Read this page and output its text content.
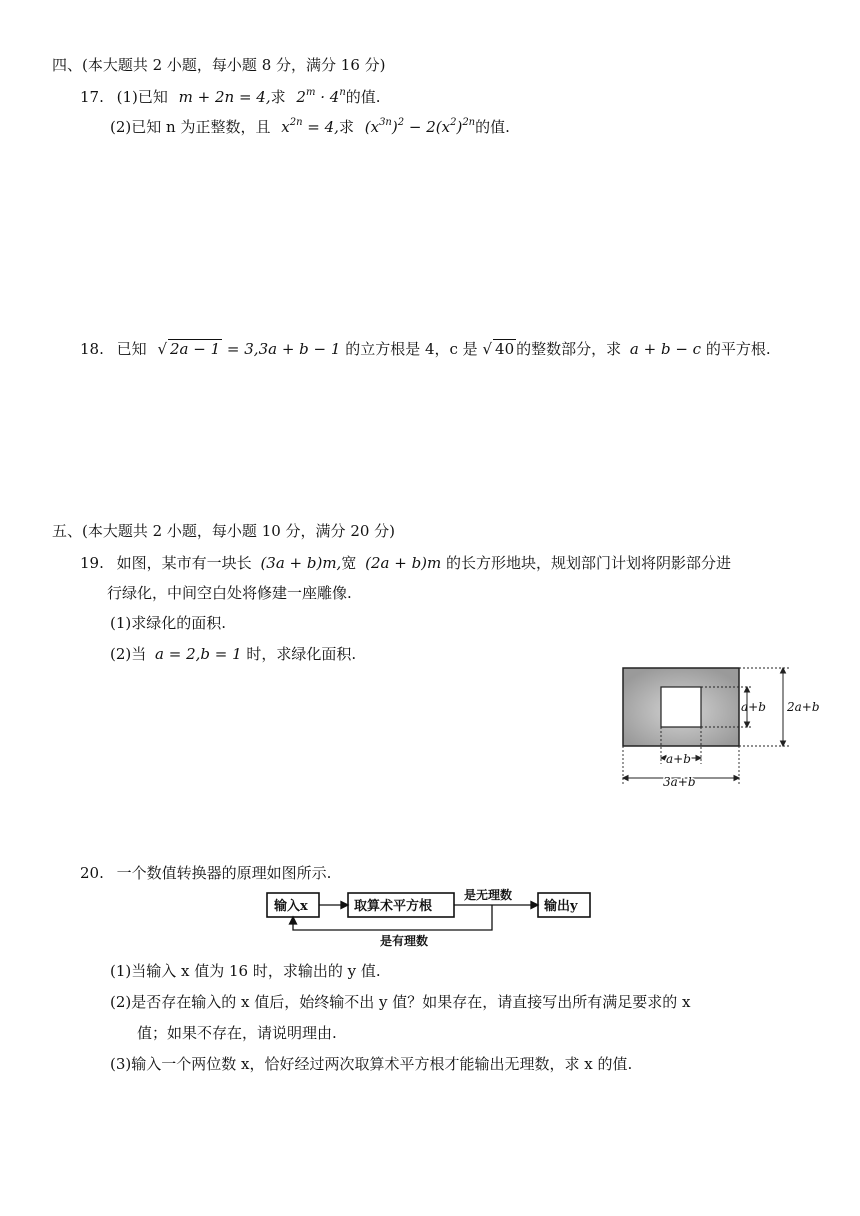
四、(本大题共 2 小题，每小题 8 分，满分 16 分)
17. (1)已知 m + 2n = 4,求 $2^m \cdot 4^n$的值.
(2)已知 n 为正整数，且 $x^{2n} = 4$,求 $(x^{3n})^2 - 2(x^2)^{2n}$的值.
18. 已知 √ 2a − 1 = 3,3a + b − 1 的立方根是 4，c 是 √ 40 的整数部分，求 a + b − c 的平方根.
五、(本大题共 2 小题，每小题 10 分，满分 20 分)
19. 如图，某市有一块长 (3a + b)m,宽 (2a + b)m 的长方形地块，规划部门计划将阴影部分进
行绿化，中间空白处将修建一座雕像.
(1)求绿化的面积.
(2)当 a = 2,b = 1 时，求绿化面积.
a+b 2a+b
a+b
3a+b
20. 一个数值转换器的原理如图所示.
输入x	取算术平方根
是无理数
输出y
是有理数
(1)当输入 x 值为 16 时，求输出的 y 值.
(2)是否存在输入的 x 值后，始终输不出 y 值？如果存在，请直接写出所有满足要求的 x
值；如果不存在，请说明理由.
(3)输入一个两位数 x，恰好经过两次取算术平方根才能输出无理数，求 x 的值.
